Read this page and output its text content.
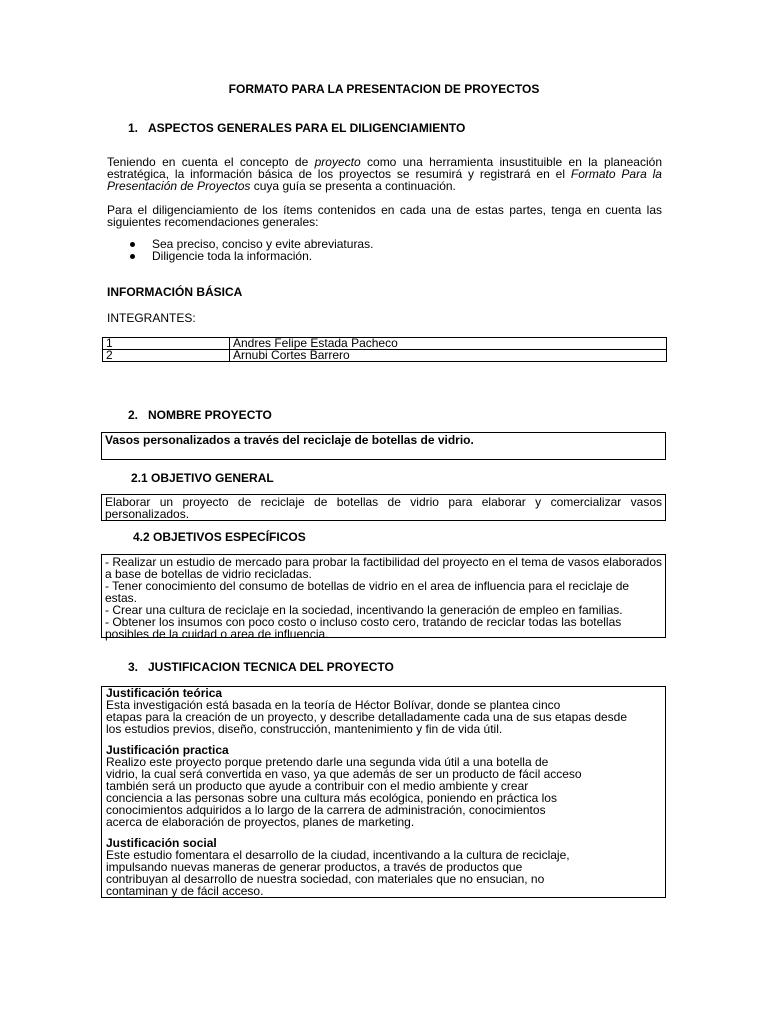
FORMATO PARA LA PRESENTACION DE PROYECTOS
1.   ASPECTOS GENERALES PARA EL DILIGENCIAMIENTO
Teniendo en cuenta el concepto de proyecto como una herramienta insustituible en la planeación estratégica, la información básica de los proyectos se resumirá y registrará en el Formato Para la Presentación de Proyectos cuya guía se presenta a continuación.
Para el diligenciamiento de los ítems contenidos en cada una de estas partes, tenga en cuenta las siguientes recomendaciones generales:
Sea preciso, conciso y evite abreviaturas.
Diligencie toda la información.
INFORMACIÓN BÁSICA
INTEGRANTES:
1	Andres Felipe Estada Pacheco
2	Arnubi Cortes Barrero
2.   NOMBRE PROYECTO
Vasos personalizados a través del reciclaje de botellas de vidrio.
2.1 OBJETIVO GENERAL
Elaborar un proyecto de reciclaje de botellas de vidrio para elaborar y comercializar vasos personalizados.
4.2 OBJETIVOS ESPECÍFICOS
- Realizar un estudio de mercado para probar la factibilidad del proyecto en el tema de vasos elaborados a base de botellas de vidrio recicladas.
- Tener conocimiento del consumo de botellas de vidrio en el area de influencia para el reciclaje de estas.
- Crear una cultura de reciclaje en la sociedad, incentivando la generación de empleo en familias.
- Obtener los insumos con poco costo o incluso costo cero, tratando de reciclar todas las botellas posibles de la cuidad o area de influencia.
3.   JUSTIFICACION TECNICA DEL PROYECTO

Justificación teórica

Esta investigación está basada en la teoría de Héctor Bolívar, donde se plantea cinco

etapas para la creación de un proyecto, y describe detalladamente cada una de sus etapas desde

los estudios previos, diseño, construcción, mantenimiento y fin de vida útil.

Justificación practica

Realizo este proyecto porque pretendo darle una segunda vida útil a una botella de

vidrio, la cual será convertida en vaso, ya que además de ser un producto de fácil acceso

también será un producto que ayude a contribuir con el medio ambiente y crear

conciencia a las personas sobre una cultura más ecológica, poniendo en práctica los

conocimientos adquiridos a lo largo de la carrera de administración, conocimientos

acerca de elaboración de proyectos, planes de marketing.

Justificación social

Este estudio fomentara el desarrollo de la ciudad, incentivando a la cultura de reciclaje,

impulsando nuevas maneras de generar productos, a través de productos que

contribuyan al desarrollo de nuestra sociedad, con materiales que no ensucian, no

contaminan y de fácil acceso.
